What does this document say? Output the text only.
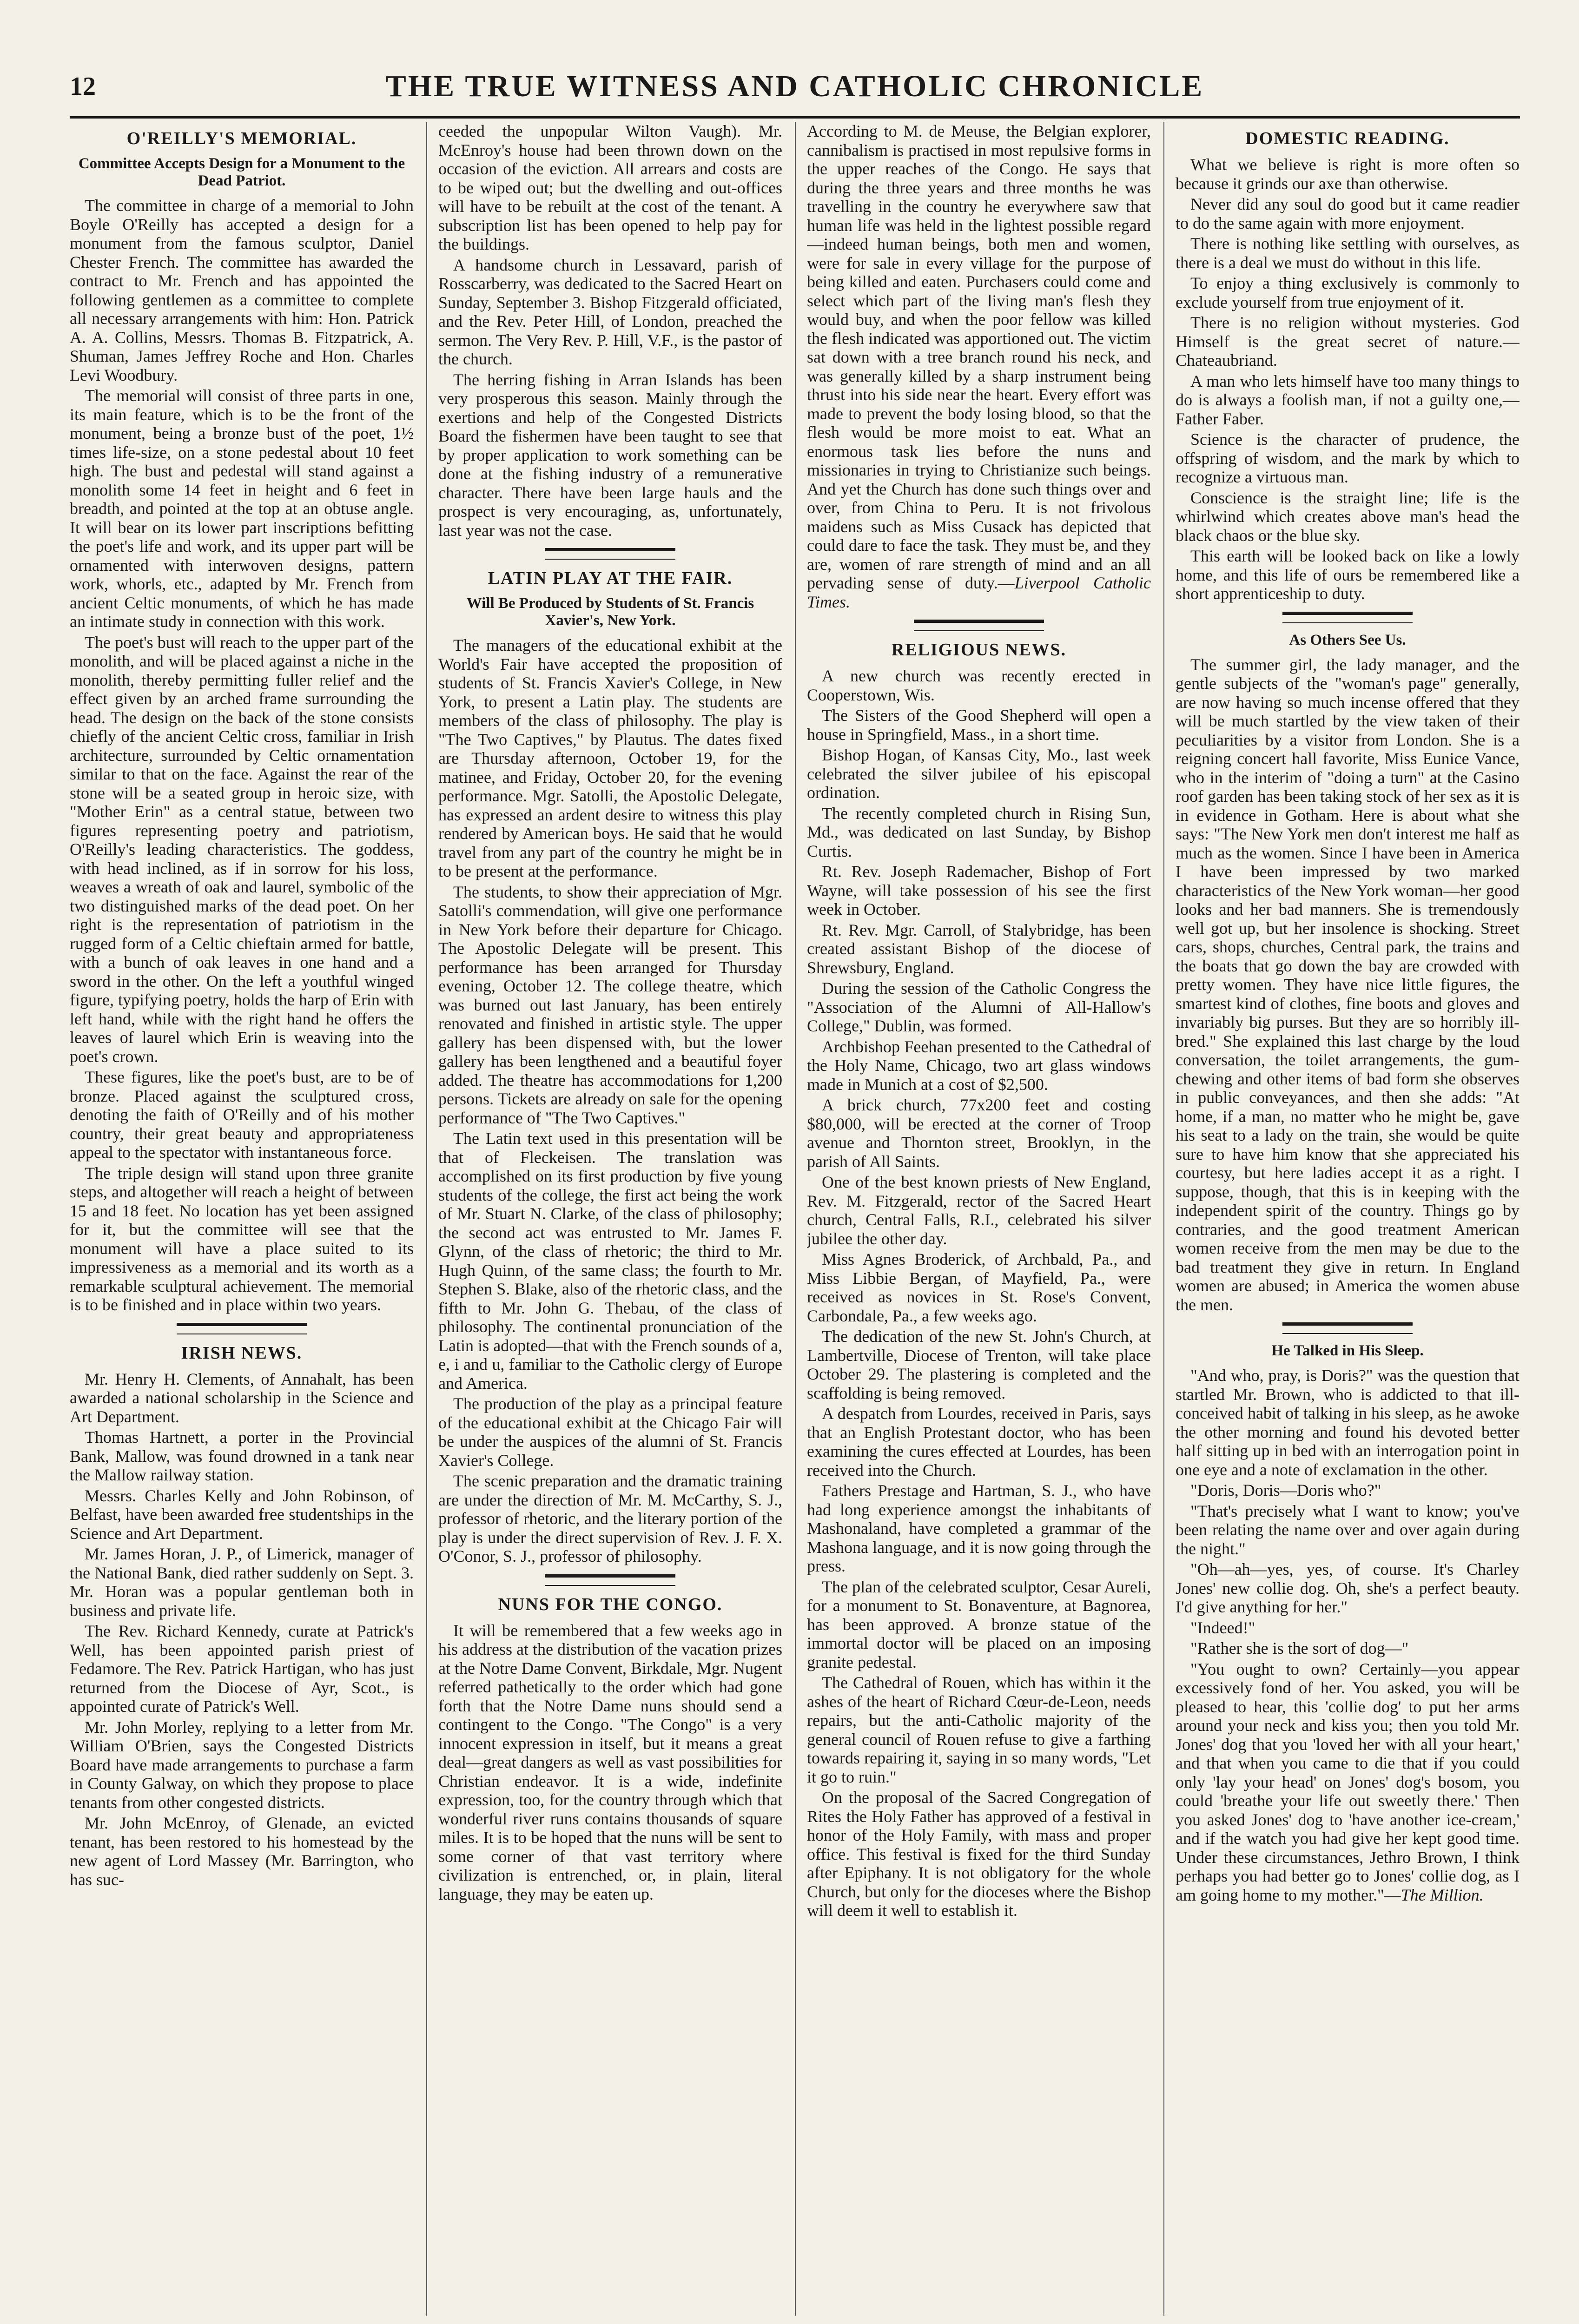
12	THE TRUE WITNESS AND CATHOLIC CHRONICLE
O'REILLY'S MEMORIAL.
Committee Accepts Design for a Monument to the Dead Patriot.

The committee in charge of a memorial to John Boyle O'Reilly has accepted a design for a monument from the famous sculptor, Daniel Chester French. The committee has awarded the contract to Mr. French and has appointed the following gentlemen as a committee to complete all necessary arrangements with him: Hon. Patrick A. A. Collins, Messrs. Thomas B. Fitzpatrick, A. Shuman, James Jeffrey Roche and Hon. Charles Levi Woodbury.

The memorial will consist of three parts in one, its main feature, which is to be the front of the monument, being a bronze bust of the poet, 1½ times life-size, on a stone pedestal about 10 feet high. The bust and pedestal will stand against a monolith some 14 feet in height and 6 feet in breadth, and pointed at the top at an obtuse angle. It will bear on its lower part inscriptions befitting the poet's life and work, and its upper part will be ornamented with interwoven designs, pattern work, whorls, etc., adapted by Mr. French from ancient Celtic monuments, of which he has made an intimate study in connection with this work.

The poet's bust will reach to the upper part of the monolith, and will be placed against a niche in the monolith, thereby permitting fuller relief and the effect given by an arched frame surrounding the head. The design on the back of the stone consists chiefly of the ancient Celtic cross, familiar in Irish architecture, surrounded by Celtic ornamentation similar to that on the face. Against the rear of the stone will be a seated group in heroic size, with "Mother Erin" as a central statue, between two figures representing poetry and patriotism, O'Reilly's leading characteristics. The goddess, with head inclined, as if in sorrow for his loss, weaves a wreath of oak and laurel, symbolic of the two distinguished marks of the dead poet. On her right is the representation of patriotism in the rugged form of a Celtic chieftain armed for battle, with a bunch of oak leaves in one hand and a sword in the other. On the left a youthful winged figure, typifying poetry, holds the harp of Erin with left hand, while with the right hand he offers the leaves of laurel which Erin is weaving into the poet's crown.

These figures, like the poet's bust, are to be of bronze. Placed against the sculptured cross, denoting the faith of O'Reilly and of his mother country, their great beauty and appropriateness appeal to the spectator with instantaneous force.

The triple design will stand upon three granite steps, and altogether will reach a height of between 15 and 18 feet. No location has yet been assigned for it, but the committee will see that the monument will have a place suited to its impressiveness as a memorial and its worth as a remarkable sculptural achievement. The memorial is to be finished and in place within two years.

IRISH NEWS.

Mr. Henry H. Clements, of Annahalt, has been awarded a national scholarship in the Science and Art Department.

Thomas Hartnett, a porter in the Provincial Bank, Mallow, was found drowned in a tank near the Mallow railway station.

Messrs. Charles Kelly and John Robinson, of Belfast, have been awarded free studentships in the Science and Art Department.

Mr. James Horan, J. P., of Limerick, manager of the National Bank, died rather suddenly on Sept. 3. Mr. Horan was a popular gentleman both in business and private life.

The Rev. Richard Kennedy, curate at Patrick's Well, has been appointed parish priest of Fedamore. The Rev. Patrick Hartigan, who has just returned from the Diocese of Ayr, Scot., is appointed curate of Patrick's Well.

Mr. John Morley, replying to a letter from Mr. William O'Brien, says the Congested Districts Board have made arrangements to purchase a farm in County Galway, on which they propose to place tenants from other congested districts.

Mr. John McEnroy, of Glenade, an evicted tenant, has been restored to his homestead by the new agent of Lord Massey (Mr. Barrington, who has suc-

ceeded the unpopular Wilton Vaugh). Mr. McEnroy's house had been thrown down on the occasion of the eviction. All arrears and costs are to be wiped out; but the dwelling and out-offices will have to be rebuilt at the cost of the tenant. A subscription list has been opened to help pay for the buildings.

A handsome church in Lessavard, parish of Rosscarberry, was dedicated to the Sacred Heart on Sunday, September 3. Bishop Fitzgerald officiated, and the Rev. Peter Hill, of London, preached the sermon. The Very Rev. P. Hill, V.F., is the pastor of the church.

The herring fishing in Arran Islands has been very prosperous this season. Mainly through the exertions and help of the Congested Districts Board the fishermen have been taught to see that by proper application to work something can be done at the fishing industry of a remunerative character. There have been large hauls and the prospect is very encouraging, as, unfortunately, last year was not the case.

LATIN PLAY AT THE FAIR.
Will Be Produced by Students of St. Francis Xavier's, New York.

The managers of the educational exhibit at the World's Fair have accepted the proposition of students of St. Francis Xavier's College, in New York, to present a Latin play. The students are members of the class of philosophy. The play is "The Two Captives," by Plautus. The dates fixed are Thursday afternoon, October 19, for the matinee, and Friday, October 20, for the evening performance. Mgr. Satolli, the Apostolic Delegate, has expressed an ardent desire to witness this play rendered by American boys. He said that he would travel from any part of the country he might be in to be present at the performance.

The students, to show their appreciation of Mgr. Satolli's commendation, will give one performance in New York before their departure for Chicago. The Apostolic Delegate will be present. This performance has been arranged for Thursday evening, October 12. The college theatre, which was burned out last January, has been entirely renovated and finished in artistic style. The upper gallery has been dispensed with, but the lower gallery has been lengthened and a beautiful foyer added. The theatre has accommodations for 1,200 persons. Tickets are already on sale for the opening performance of "The Two Captives."

The Latin text used in this presentation will be that of Fleckeisen. The translation was accomplished on its first production by five young students of the college, the first act being the work of Mr. Stuart N. Clarke, of the class of philosophy; the second act was entrusted to Mr. James F. Glynn, of the class of rhetoric; the third to Mr. Hugh Quinn, of the same class; the fourth to Mr. Stephen S. Blake, also of the rhetoric class, and the fifth to Mr. John G. Thebau, of the class of philosophy. The continental pronunciation of the Latin is adopted—that with the French sounds of a, e, i and u, familiar to the Catholic clergy of Europe and America.

The production of the play as a principal feature of the educational exhibit at the Chicago Fair will be under the auspices of the alumni of St. Francis Xavier's College.

The scenic preparation and the dramatic training are under the direction of Mr. M. McCarthy, S. J., professor of rhetoric, and the literary portion of the play is under the direct supervision of Rev. J. F. X. O'Conor, S. J., professor of philosophy.

NUNS FOR THE CONGO.

It will be remembered that a few weeks ago in his address at the distribution of the vacation prizes at the Notre Dame Convent, Birkdale, Mgr. Nugent referred pathetically to the order which had gone forth that the Notre Dame nuns should send a contingent to the Congo. "The Congo" is a very innocent expression in itself, but it means a great deal—great dangers as well as vast possibilities for Christian endeavor. It is a wide, indefinite expression, too, for the country through which that wonderful river runs contains thousands of square miles. It is to be hoped that the nuns will be sent to some corner of that vast territory where civilization is entrenched, or, in plain, literal language, they may be eaten up.

According to M. de Meuse, the Belgian explorer, cannibalism is practised in most repulsive forms in the upper reaches of the Congo. He says that during the three years and three months he was travelling in the country he everywhere saw that human life was held in the lightest possible regard—indeed human beings, both men and women, were for sale in every village for the purpose of being killed and eaten. Purchasers could come and select which part of the living man's flesh they would buy, and when the poor fellow was killed the flesh indicated was apportioned out. The victim sat down with a tree branch round his neck, and was generally killed by a sharp instrument being thrust into his side near the heart. Every effort was made to prevent the body losing blood, so that the flesh would be more moist to eat. What an enormous task lies before the nuns and missionaries in trying to Christianize such beings. And yet the Church has done such things over and over, from China to Peru. It is not frivolous maidens such as Miss Cusack has depicted that could dare to face the task. They must be, and they are, women of rare strength of mind and an all pervading sense of duty.—Liverpool Catholic Times.

RELIGIOUS NEWS.

A new church was recently erected in Cooperstown, Wis.

The Sisters of the Good Shepherd will open a house in Springfield, Mass., in a short time.

Bishop Hogan, of Kansas City, Mo., last week celebrated the silver jubilee of his episcopal ordination.

The recently completed church in Rising Sun, Md., was dedicated on last Sunday, by Bishop Curtis.

Rt. Rev. Joseph Rademacher, Bishop of Fort Wayne, will take possession of his see the first week in October.

Rt. Rev. Mgr. Carroll, of Stalybridge, has been created assistant Bishop of the diocese of Shrewsbury, England.

During the session of the Catholic Congress the "Association of the Alumni of All-Hallow's College," Dublin, was formed.

Archbishop Feehan presented to the Cathedral of the Holy Name, Chicago, two art glass windows made in Munich at a cost of $2,500.

A brick church, 77x200 feet and costing $80,000, will be erected at the corner of Troop avenue and Thornton street, Brooklyn, in the parish of All Saints.

One of the best known priests of New England, Rev. M. Fitzgerald, rector of the Sacred Heart church, Central Falls, R.I., celebrated his silver jubilee the other day.

Miss Agnes Broderick, of Archbald, Pa., and Miss Libbie Bergan, of Mayfield, Pa., were received as novices in St. Rose's Convent, Carbondale, Pa., a few weeks ago.

The dedication of the new St. John's Church, at Lambertville, Diocese of Trenton, will take place October 29. The plastering is completed and the scaffolding is being removed.

A despatch from Lourdes, received in Paris, says that an English Protestant doctor, who has been examining the cures effected at Lourdes, has been received into the Church.

Fathers Prestage and Hartman, S. J., who have had long experience amongst the inhabitants of Mashonaland, have completed a grammar of the Mashona language, and it is now going through the press.

The plan of the celebrated sculptor, Cesar Aureli, for a monument to St. Bonaventure, at Bagnorea, has been approved. A bronze statue of the immortal doctor will be placed on an imposing granite pedestal.

The Cathedral of Rouen, which has within it the ashes of the heart of Richard Cœur-de-Leon, needs repairs, but the anti-Catholic majority of the general council of Rouen refuse to give a farthing towards repairing it, saying in so many words, "Let it go to ruin."

On the proposal of the Sacred Congregation of Rites the Holy Father has approved of a festival in honor of the Holy Family, with mass and proper office. This festival is fixed for the third Sunday after Epiphany. It is not obligatory for the whole Church, but only for the dioceses where the Bishop will deem it well to establish it.

DOMESTIC READING.

What we believe is right is more often so because it grinds our axe than otherwise.

Never did any soul do good but it came readier to do the same again with more enjoyment.

There is nothing like settling with ourselves, as there is a deal we must do without in this life.

To enjoy a thing exclusively is commonly to exclude yourself from true enjoyment of it.

There is no religion without mysteries. God Himself is the great secret of nature.—Chateaubriand.

A man who lets himself have too many things to do is always a foolish man, if not a guilty one,—Father Faber.

Science is the character of prudence, the offspring of wisdom, and the mark by which to recognize a virtuous man.

Conscience is the straight line; life is the whirlwind which creates above man's head the black chaos or the blue sky.

This earth will be looked back on like a lowly home, and this life of ours be remembered like a short apprenticeship to duty.

As Others See Us.

The summer girl, the lady manager, and the gentle subjects of the "woman's page" generally, are now having so much incense offered that they will be much startled by the view taken of their peculiarities by a visitor from London. She is a reigning concert hall favorite, Miss Eunice Vance, who in the interim of "doing a turn" at the Casino roof garden has been taking stock of her sex as it is in evidence in Gotham. Here is about what she says: "The New York men don't interest me half as much as the women. Since I have been in America I have been impressed by two marked characteristics of the New York woman—her good looks and her bad manners. She is tremendously well got up, but her insolence is shocking. Street cars, shops, churches, Central park, the trains and the boats that go down the bay are crowded with pretty women. They have nice little figures, the smartest kind of clothes, fine boots and gloves and invariably big purses. But they are so horribly ill-bred." She explained this last charge by the loud conversation, the toilet arrangements, the gum-chewing and other items of bad form she observes in public conveyances, and then she adds: "At home, if a man, no matter who he might be, gave his seat to a lady on the train, she would be quite sure to have him know that she appreciated his courtesy, but here ladies accept it as a right. I suppose, though, that this is in keeping with the independent spirit of the country. Things go by contraries, and the good treatment American women receive from the men may be due to the bad treatment they give in return. In England women are abused; in America the women abuse the men.

He Talked in His Sleep.

"And who, pray, is Doris?" was the question that startled Mr. Brown, who is addicted to that ill-conceived habit of talking in his sleep, as he awoke the other morning and found his devoted better half sitting up in bed with an interrogation point in one eye and a note of exclamation in the other.

"Doris, Doris—Doris who?"

"That's precisely what I want to know; you've been relating the name over and over again during the night."

"Oh—ah—yes, yes, of course. It's Charley Jones' new collie dog. Oh, she's a perfect beauty. I'd give anything for her."

"Indeed!"

"Rather she is the sort of dog—"

"You ought to own? Certainly—you appear excessively fond of her. You asked, you will be pleased to hear, this 'collie dog' to put her arms around your neck and kiss you; then you told Mr. Jones' dog that you 'loved her with all your heart,' and that when you came to die that if you could only 'lay your head' on Jones' dog's bosom, you could 'breathe your life out sweetly there.' Then you asked Jones' dog to 'have another ice-cream,' and if the watch you had give her kept good time. Under these circumstances, Jethro Brown, I think perhaps you had better go to Jones' collie dog, as I am going home to my mother."—The Million.
